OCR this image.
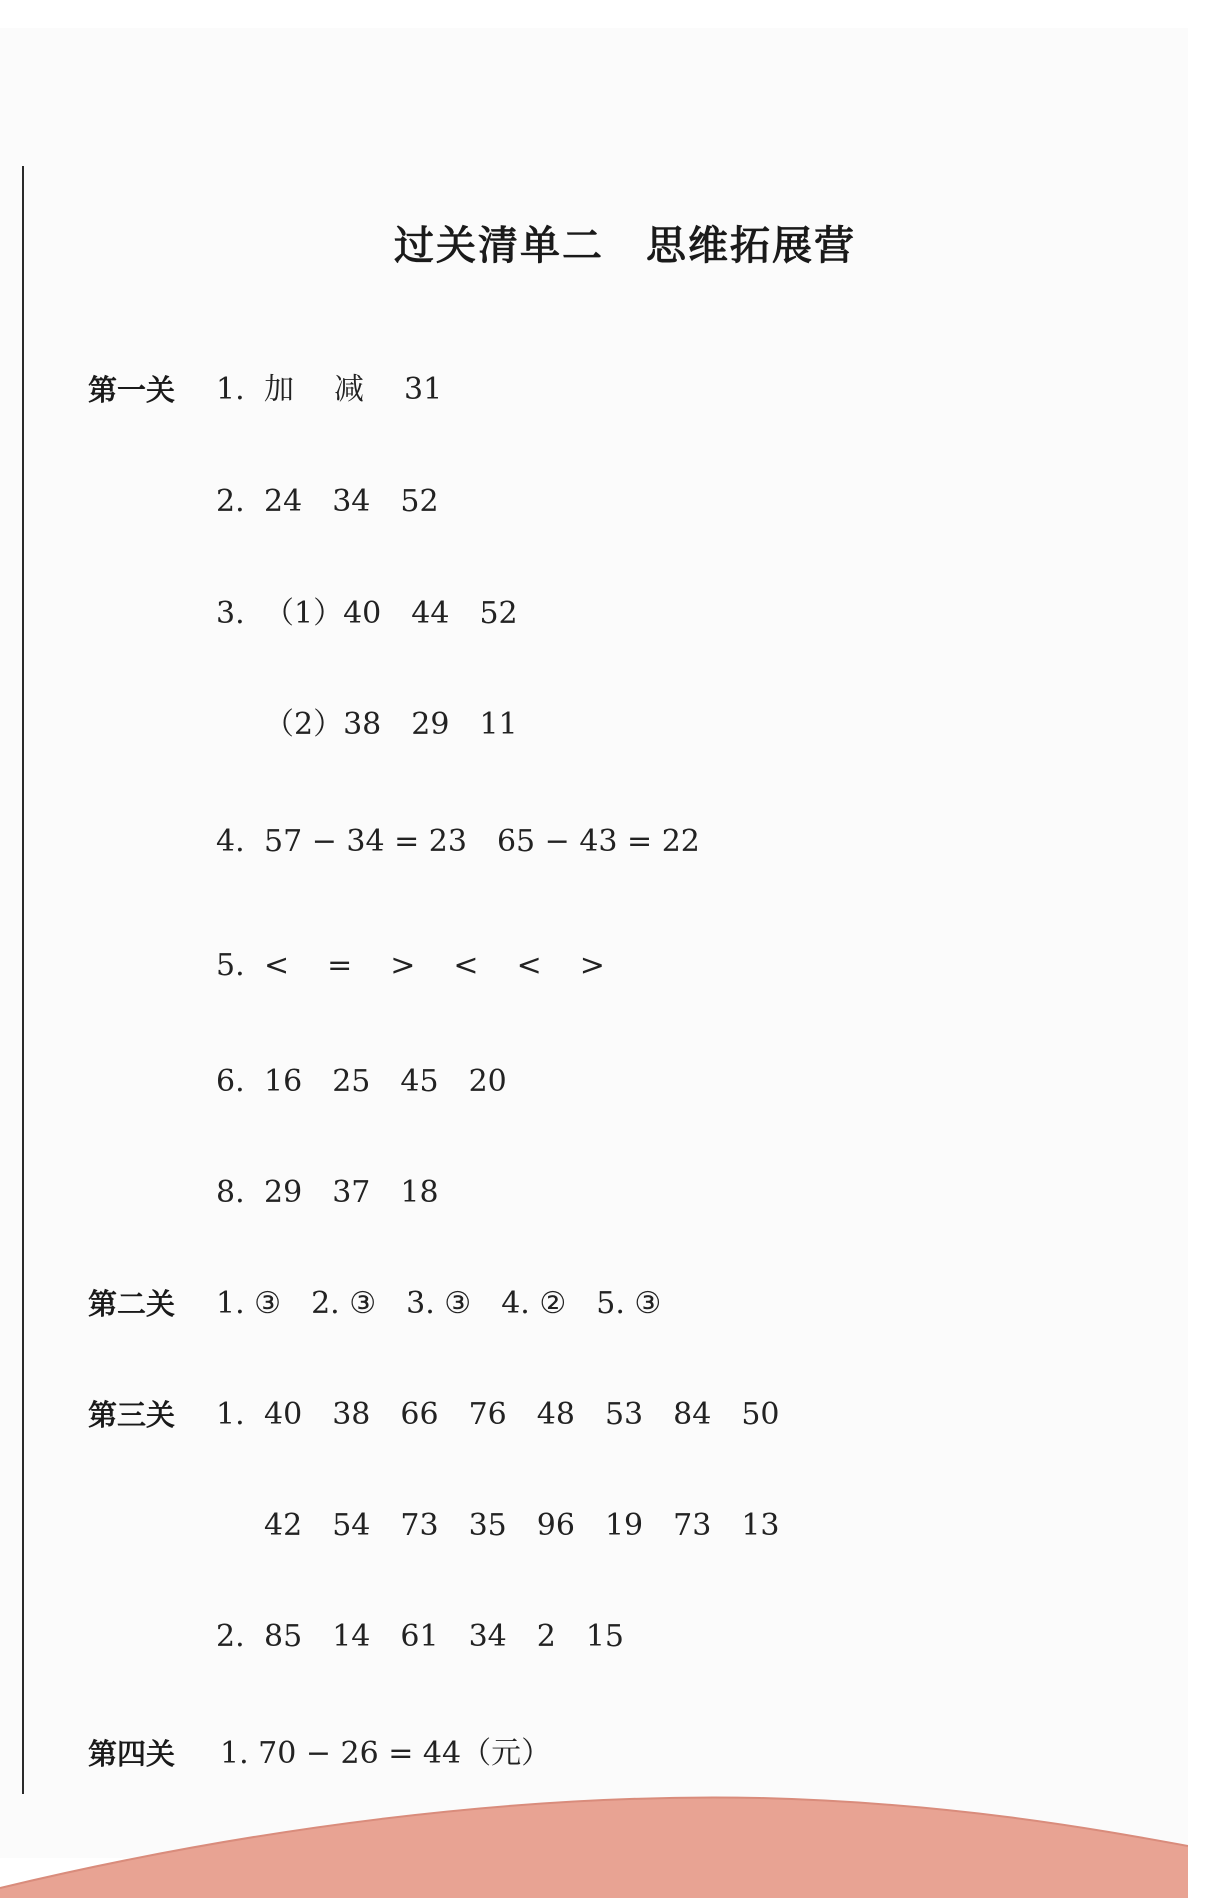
过关清单二　思维拓展营
第一关 1. 加 减 31
2. 24 34 52
3. （1）40 44 52
（2）38 29 11
4. 57 − 34 = 23 65 − 43 = 22
5. < = > < < >
6. 16 25 45 20
8. 29 37 18
第二关 1. ③ 2. ③ 3. ③ 4. ② 5. ③
第三关 1. 40 38 66 76 48 53 84 50
42 54 73 35 96 19 73 13
2. 85 14 61 34 2 15
第四关 1. 70 − 26 = 44（元）
